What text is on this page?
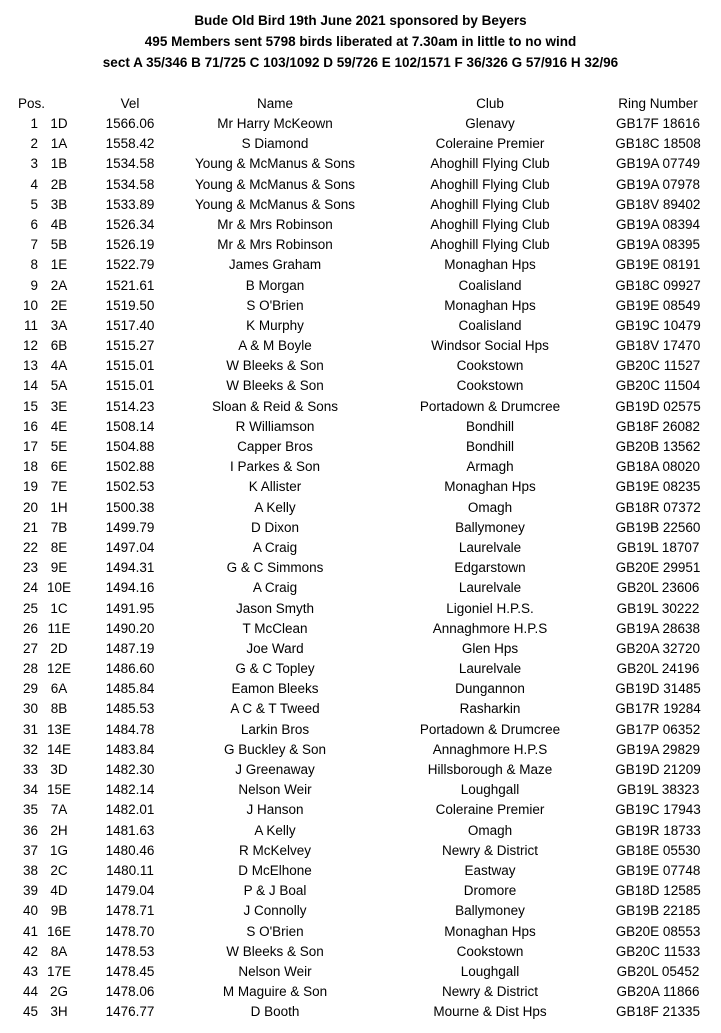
Bude Old Bird 19th June 2021 sponsored by Beyers
495 Members sent 5798 birds liberated at 7.30am in little to no wind
sect A 35/346 B 71/725 C 103/1092 D 59/726 E 102/1571 F 36/326 G 57/916 H 32/96
Pos.	Vel	Name	Club	Ring Number
1 1D	1566.06	Mr Harry McKeown	Glenavy	GB17F 18616
2 1A	1558.42	S Diamond	Coleraine Premier	GB18C 18508
3 1B	1534.58	Young & McManus & Sons	Ahoghill Flying Club	GB19A 07749
4 2B	1534.58	Young & McManus & Sons	Ahoghill Flying Club	GB19A 07978
5 3B	1533.89	Young & McManus & Sons	Ahoghill Flying Club	GB18V 89402
6 4B	1526.34	Mr & Mrs Robinson	Ahoghill Flying Club	GB19A 08394
7 5B	1526.19	Mr & Mrs Robinson	Ahoghill Flying Club	GB19A 08395
8 1E	1522.79	James Graham	Monaghan Hps	GB19E 08191
9 2A	1521.61	B Morgan	Coalisland	GB18C 09927
10 2E	1519.50	S O'Brien	Monaghan Hps	GB19E 08549
11 3A	1517.40	K Murphy	Coalisland	GB19C 10479
12 6B	1515.27	A & M Boyle	Windsor Social Hps	GB18V 17470
13 4A	1515.01	W Bleeks & Son	Cookstown	GB20C 11527
14 5A	1515.01	W Bleeks & Son	Cookstown	GB20C 11504
15 3E	1514.23	Sloan & Reid & Sons	Portadown & Drumcree	GB19D 02575
16 4E	1508.14	R Williamson	Bondhill	GB18F 26082
17 5E	1504.88	Capper Bros	Bondhill	GB20B 13562
18 6E	1502.88	I Parkes & Son	Armagh	GB18A 08020
19 7E	1502.53	K Allister	Monaghan Hps	GB19E 08235
20 1H	1500.38	A Kelly	Omagh	GB18R 07372
21 7B	1499.79	D Dixon	Ballymoney	GB19B 22560
22 8E	1497.04	A Craig	Laurelvale	GB19L 18707
23 9E	1494.31	G & C Simmons	Edgarstown	GB20E 29951
24 10E	1494.16	A Craig	Laurelvale	GB20L 23606
25 1C	1491.95	Jason Smyth	Ligoniel H.P.S.	GB19L 30222
26 11E	1490.20	T McClean	Annaghmore H.P.S	GB19A 28638
27 2D	1487.19	Joe Ward	Glen Hps	GB20A 32720
28 12E	1486.60	G & C Topley	Laurelvale	GB20L 24196
29 6A	1485.84	Eamon Bleeks	Dungannon	GB19D 31485
30 8B	1485.53	A C & T Tweed	Rasharkin	GB17R 19284
31 13E	1484.78	Larkin Bros	Portadown & Drumcree	GB17P 06352
32 14E	1483.84	G Buckley & Son	Annaghmore H.P.S	GB19A 29829
33 3D	1482.30	J Greenaway	Hillsborough & Maze	GB19D 21209
34 15E	1482.14	Nelson Weir	Loughgall	GB19L 38323
35 7A	1482.01	J Hanson	Coleraine Premier	GB19C 17943
36 2H	1481.63	A Kelly	Omagh	GB19R 18733
37 1G	1480.46	R McKelvey	Newry & District	GB18E 05530
38 2C	1480.11	D McElhone	Eastway	GB19E 07748
39 4D	1479.04	P & J Boal	Dromore	GB18D 12585
40 9B	1478.71	J Connolly	Ballymoney	GB19B 22185
41 16E	1478.70	S O'Brien	Monaghan Hps	GB20E 08553
42 8A	1478.53	W Bleeks & Son	Cookstown	GB20C 11533
43 17E	1478.45	Nelson Weir	Loughgall	GB20L 05452
44 2G	1478.06	M Maguire & Son	Newry & District	GB20A 11866
45 3H	1476.77	D Booth	Mourne & Dist Hps	GB18F 21335
